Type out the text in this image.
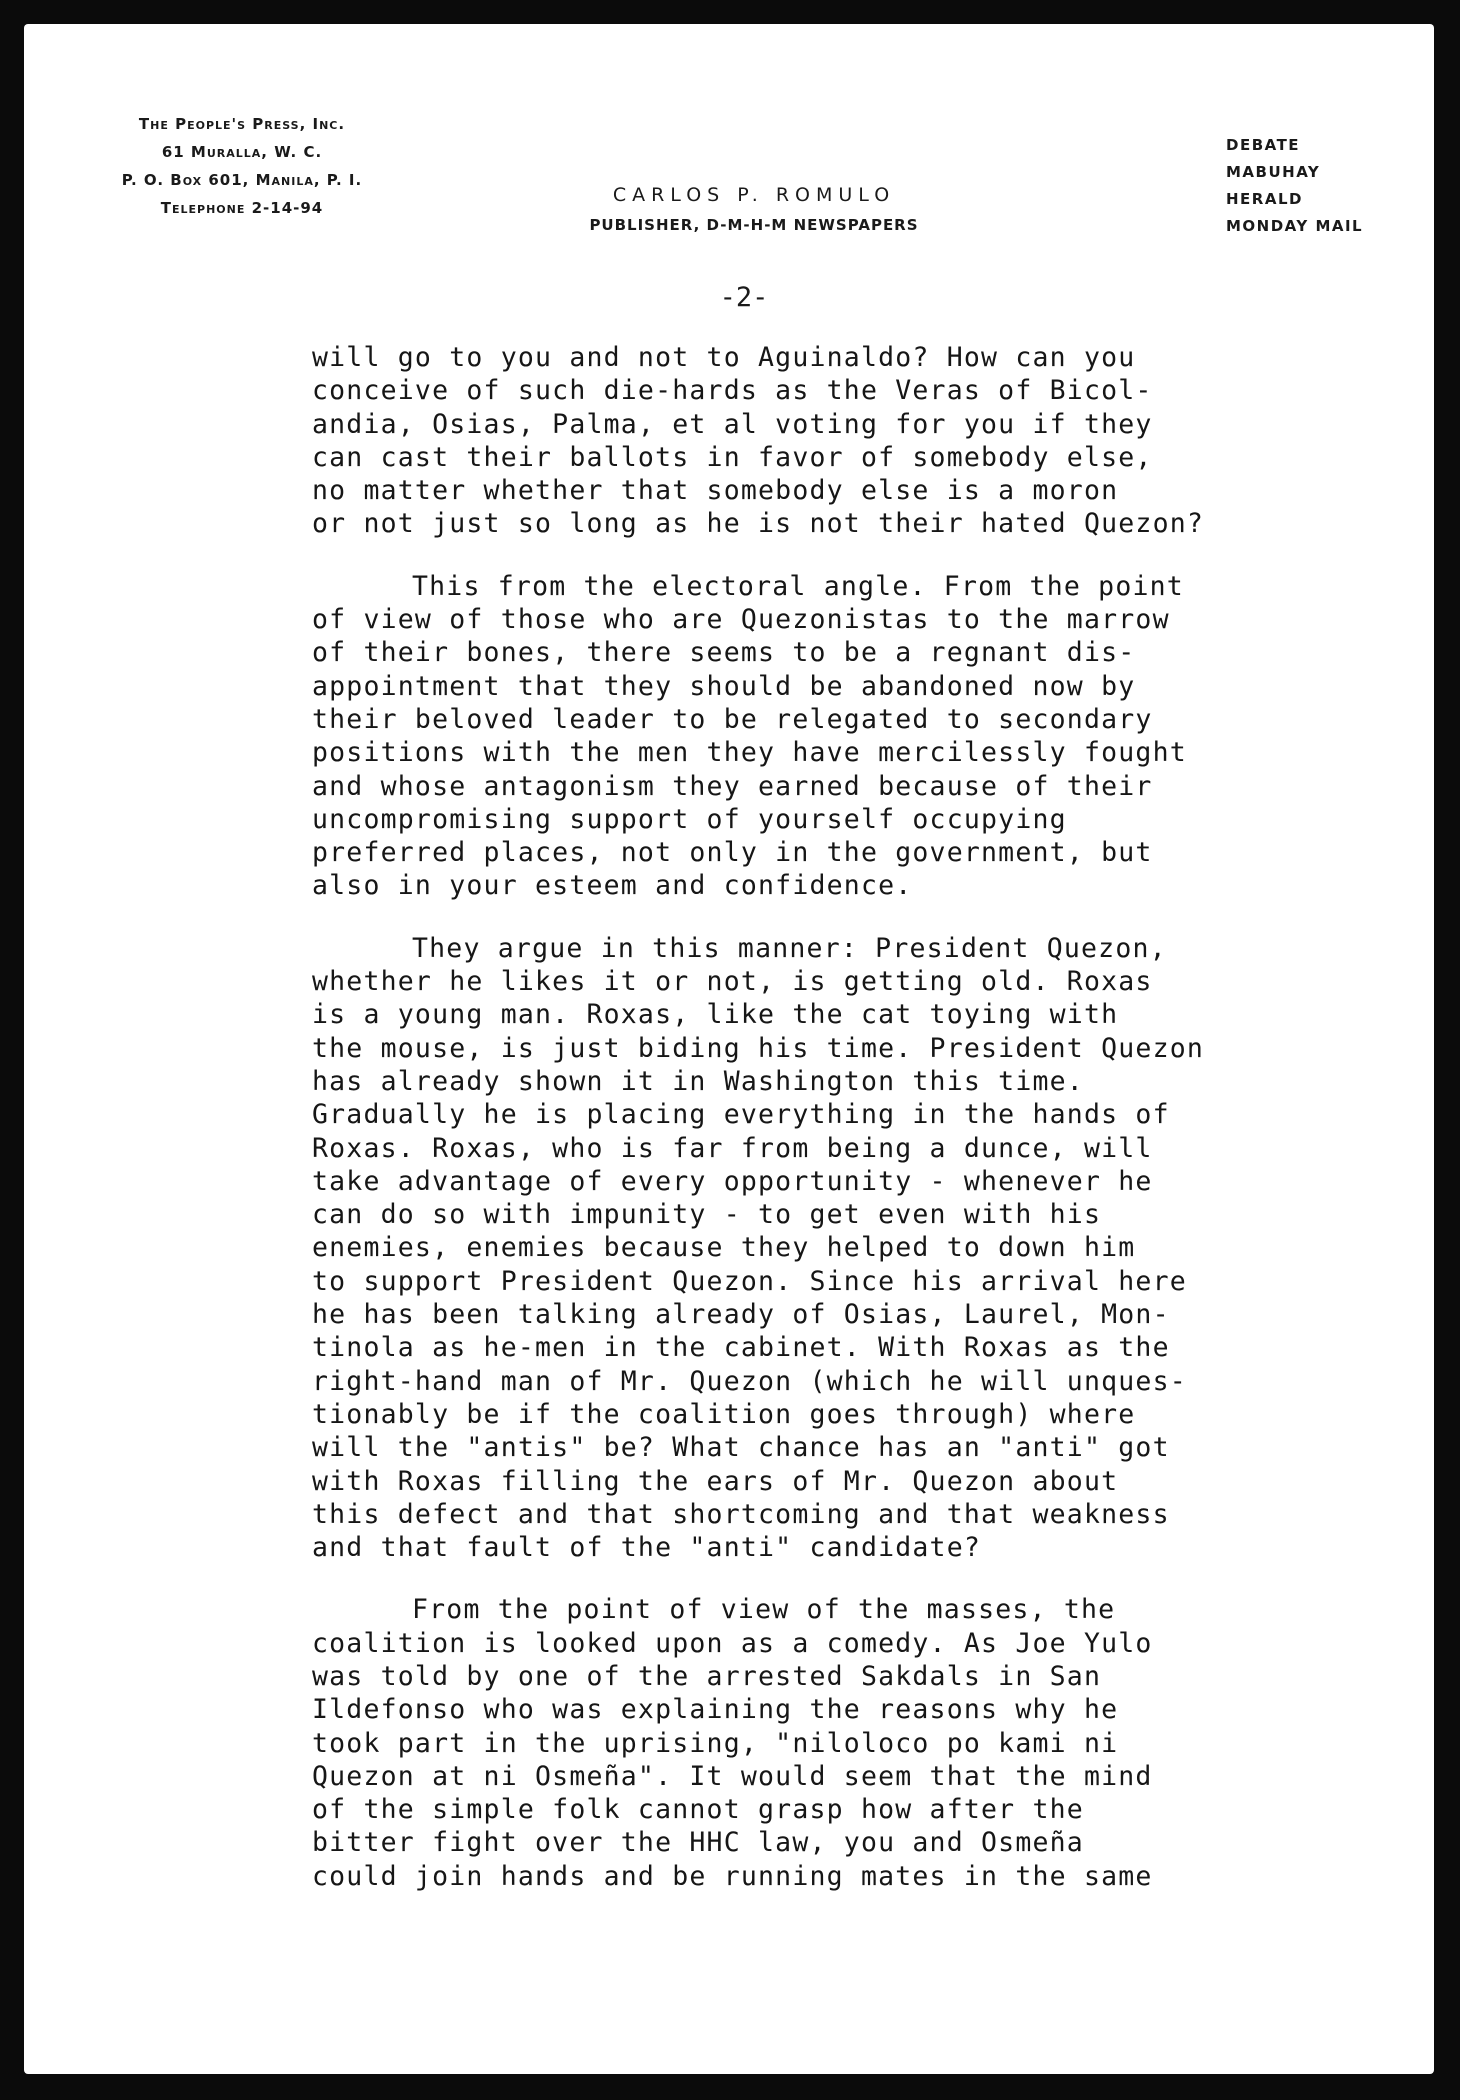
The People's Press, Inc.
61 Muralla, W. C.
P. O. Box 601, Manila, P. I.
Telephone 2-14-94
CARLOS P. ROMULO
PUBLISHER, D-M-H-M NEWSPAPERS
DEBATE
MABUHAY
HERALD
MONDAY MAIL
-2-
will go to you and not to Aguinaldo? How can you
conceive of such die-hards as the Veras of Bicol-
andia, Osias, Palma, et al voting for you if they
can cast their ballots in favor of somebody else,
no matter whether that somebody else is a moron
or not just so long as he is not their hated Quezon?
This from the electoral angle. From the point
of view of those who are Quezonistas to the marrow
of their bones, there seems to be a regnant dis-
appointment that they should be abandoned now by
their beloved leader to be relegated to secondary
positions with the men they have mercilessly fought
and whose antagonism they earned because of their
uncompromising support of yourself occupying
preferred places, not only in the government, but
also in your esteem and confidence.
They argue in this manner: President Quezon,
whether he likes it or not, is getting old. Roxas
is a young man. Roxas, like the cat toying with
the mouse, is just biding his time. President Quezon
has already shown it in Washington this time.
Gradually he is placing everything in the hands of
Roxas. Roxas, who is far from being a dunce, will
take advantage of every opportunity - whenever he
can do so with impunity - to get even with his
enemies, enemies because they helped to down him
to support President Quezon. Since his arrival here
he has been talking already of Osias, Laurel, Mon-
tinola as he-men in the cabinet. With Roxas as the
right-hand man of Mr. Quezon (which he will unques-
tionably be if the coalition goes through) where
will the "antis" be? What chance has an "anti" got
with Roxas filling the ears of Mr. Quezon about
this defect and that shortcoming and that weakness
and that fault of the "anti" candidate?
From the point of view of the masses, the
coalition is looked upon as a comedy. As Joe Yulo
was told by one of the arrested Sakdals in San
Ildefonso who was explaining the reasons why he
took part in the uprising, "niloloco po kami ni
Quezon at ni Osmeña". It would seem that the mind
of the simple folk cannot grasp how after the
bitter fight over the HHC law, you and Osmeña
could join hands and be running mates in the same
